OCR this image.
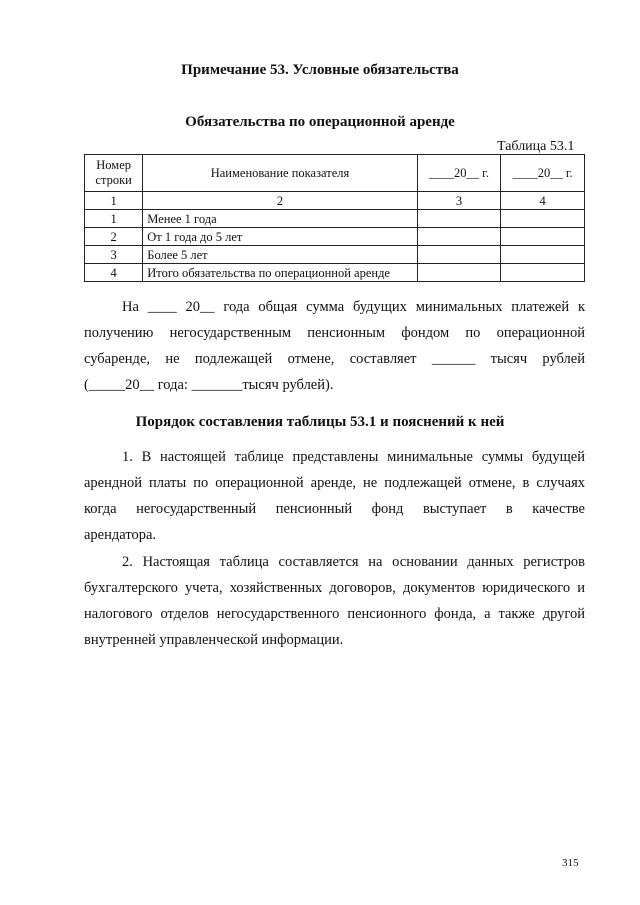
Примечание 53. Условные обязательства
Обязательства по операционной аренде
Таблица 53.1
Номер строки	Наименование показателя	____20__ г.	____20__ г.
1	2	3	4
1	Менее 1 года		
2	От 1 года до 5 лет		
3	Более 5 лет		
4	Итого обязательства по операционной аренде		
На ____ 20__ года общая сумма будущих минимальных платежей к
получению негосударственным пенсионным фондом по операционной
субаренде, не подлежащей отмене, составляет ______ тысяч рублей
(_____20__ года: _______тысяч рублей).
Порядок составления таблицы 53.1 и пояснений к ней
1. В настоящей таблице представлены минимальные суммы будущей
арендной платы по операционной аренде, не подлежащей отмене, в случаях
когда негосударственный пенсионный фонд выступает в качестве
арендатора.
2. Настоящая таблица составляется на основании данных регистров
бухгалтерского учета, хозяйственных договоров, документов юридического и
налогового отделов негосударственного пенсионного фонда, а также другой
внутренней управленческой информации.
315
